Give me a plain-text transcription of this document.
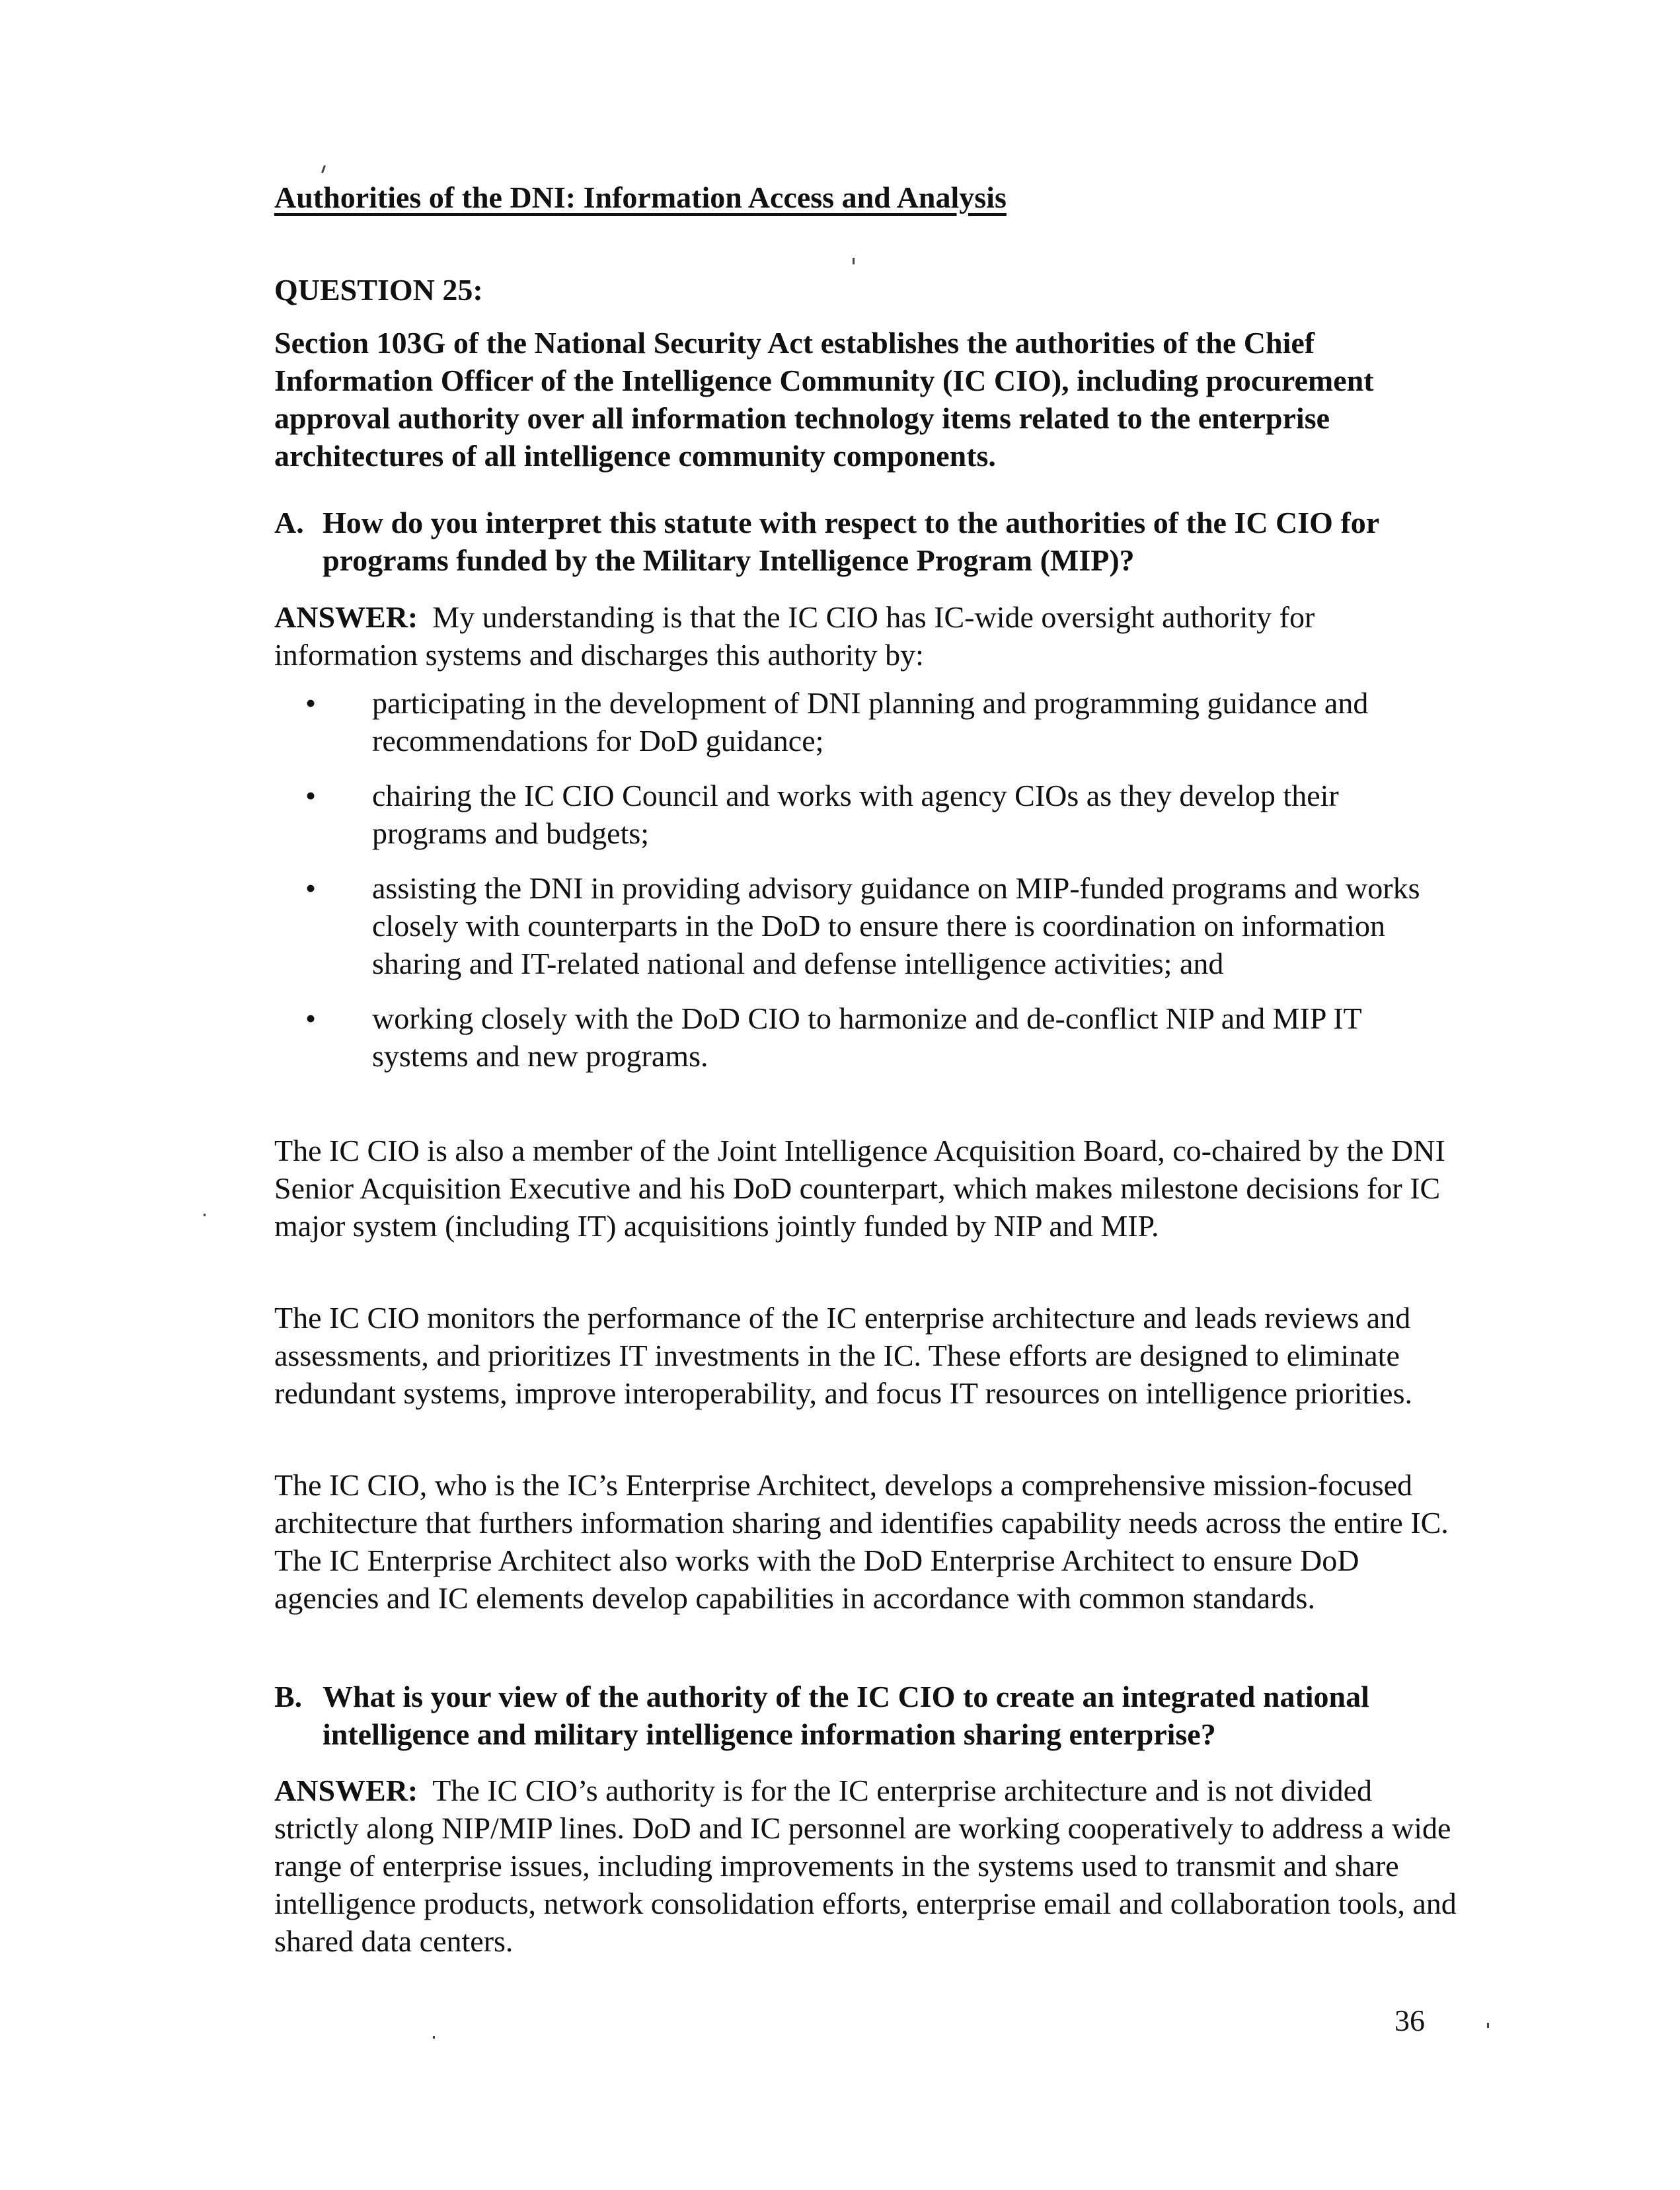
Authorities of the DNI: Information Access and Analysis
QUESTION 25:
Section 103G of the National Security Act establishes the authorities of the Chief Information Officer of the Intelligence Community (IC CIO), including procurement approval authority over all information technology items related to the enterprise architectures of all intelligence community components.
A. How do you interpret this statute with respect to the authorities of the IC CIO for programs funded by the Military Intelligence Program (MIP)?
ANSWER: My understanding is that the IC CIO has IC-wide oversight authority for information systems and discharges this authority by:
• participating in the development of DNI planning and programming guidance and recommendations for DoD guidance;
• chairing the IC CIO Council and works with agency CIOs as they develop their programs and budgets;
• assisting the DNI in providing advisory guidance on MIP-funded programs and works closely with counterparts in the DoD to ensure there is coordination on information sharing and IT-related national and defense intelligence activities; and
• working closely with the DoD CIO to harmonize and de-conflict NIP and MIP IT systems and new programs.
The IC CIO is also a member of the Joint Intelligence Acquisition Board, co-chaired by the DNI Senior Acquisition Executive and his DoD counterpart, which makes milestone decisions for IC major system (including IT) acquisitions jointly funded by NIP and MIP.
The IC CIO monitors the performance of the IC enterprise architecture and leads reviews and assessments, and prioritizes IT investments in the IC. These efforts are designed to eliminate redundant systems, improve interoperability, and focus IT resources on intelligence priorities.
The IC CIO, who is the IC’s Enterprise Architect, develops a comprehensive mission-focused architecture that furthers information sharing and identifies capability needs across the entire IC. The IC Enterprise Architect also works with the DoD Enterprise Architect to ensure DoD agencies and IC elements develop capabilities in accordance with common standards.
B. What is your view of the authority of the IC CIO to create an integrated national intelligence and military intelligence information sharing enterprise?
ANSWER: The IC CIO’s authority is for the IC enterprise architecture and is not divided strictly along NIP/MIP lines. DoD and IC personnel are working cooperatively to address a wide range of enterprise issues, including improvements in the systems used to transmit and share intelligence products, network consolidation efforts, enterprise email and collaboration tools, and shared data centers.
36
